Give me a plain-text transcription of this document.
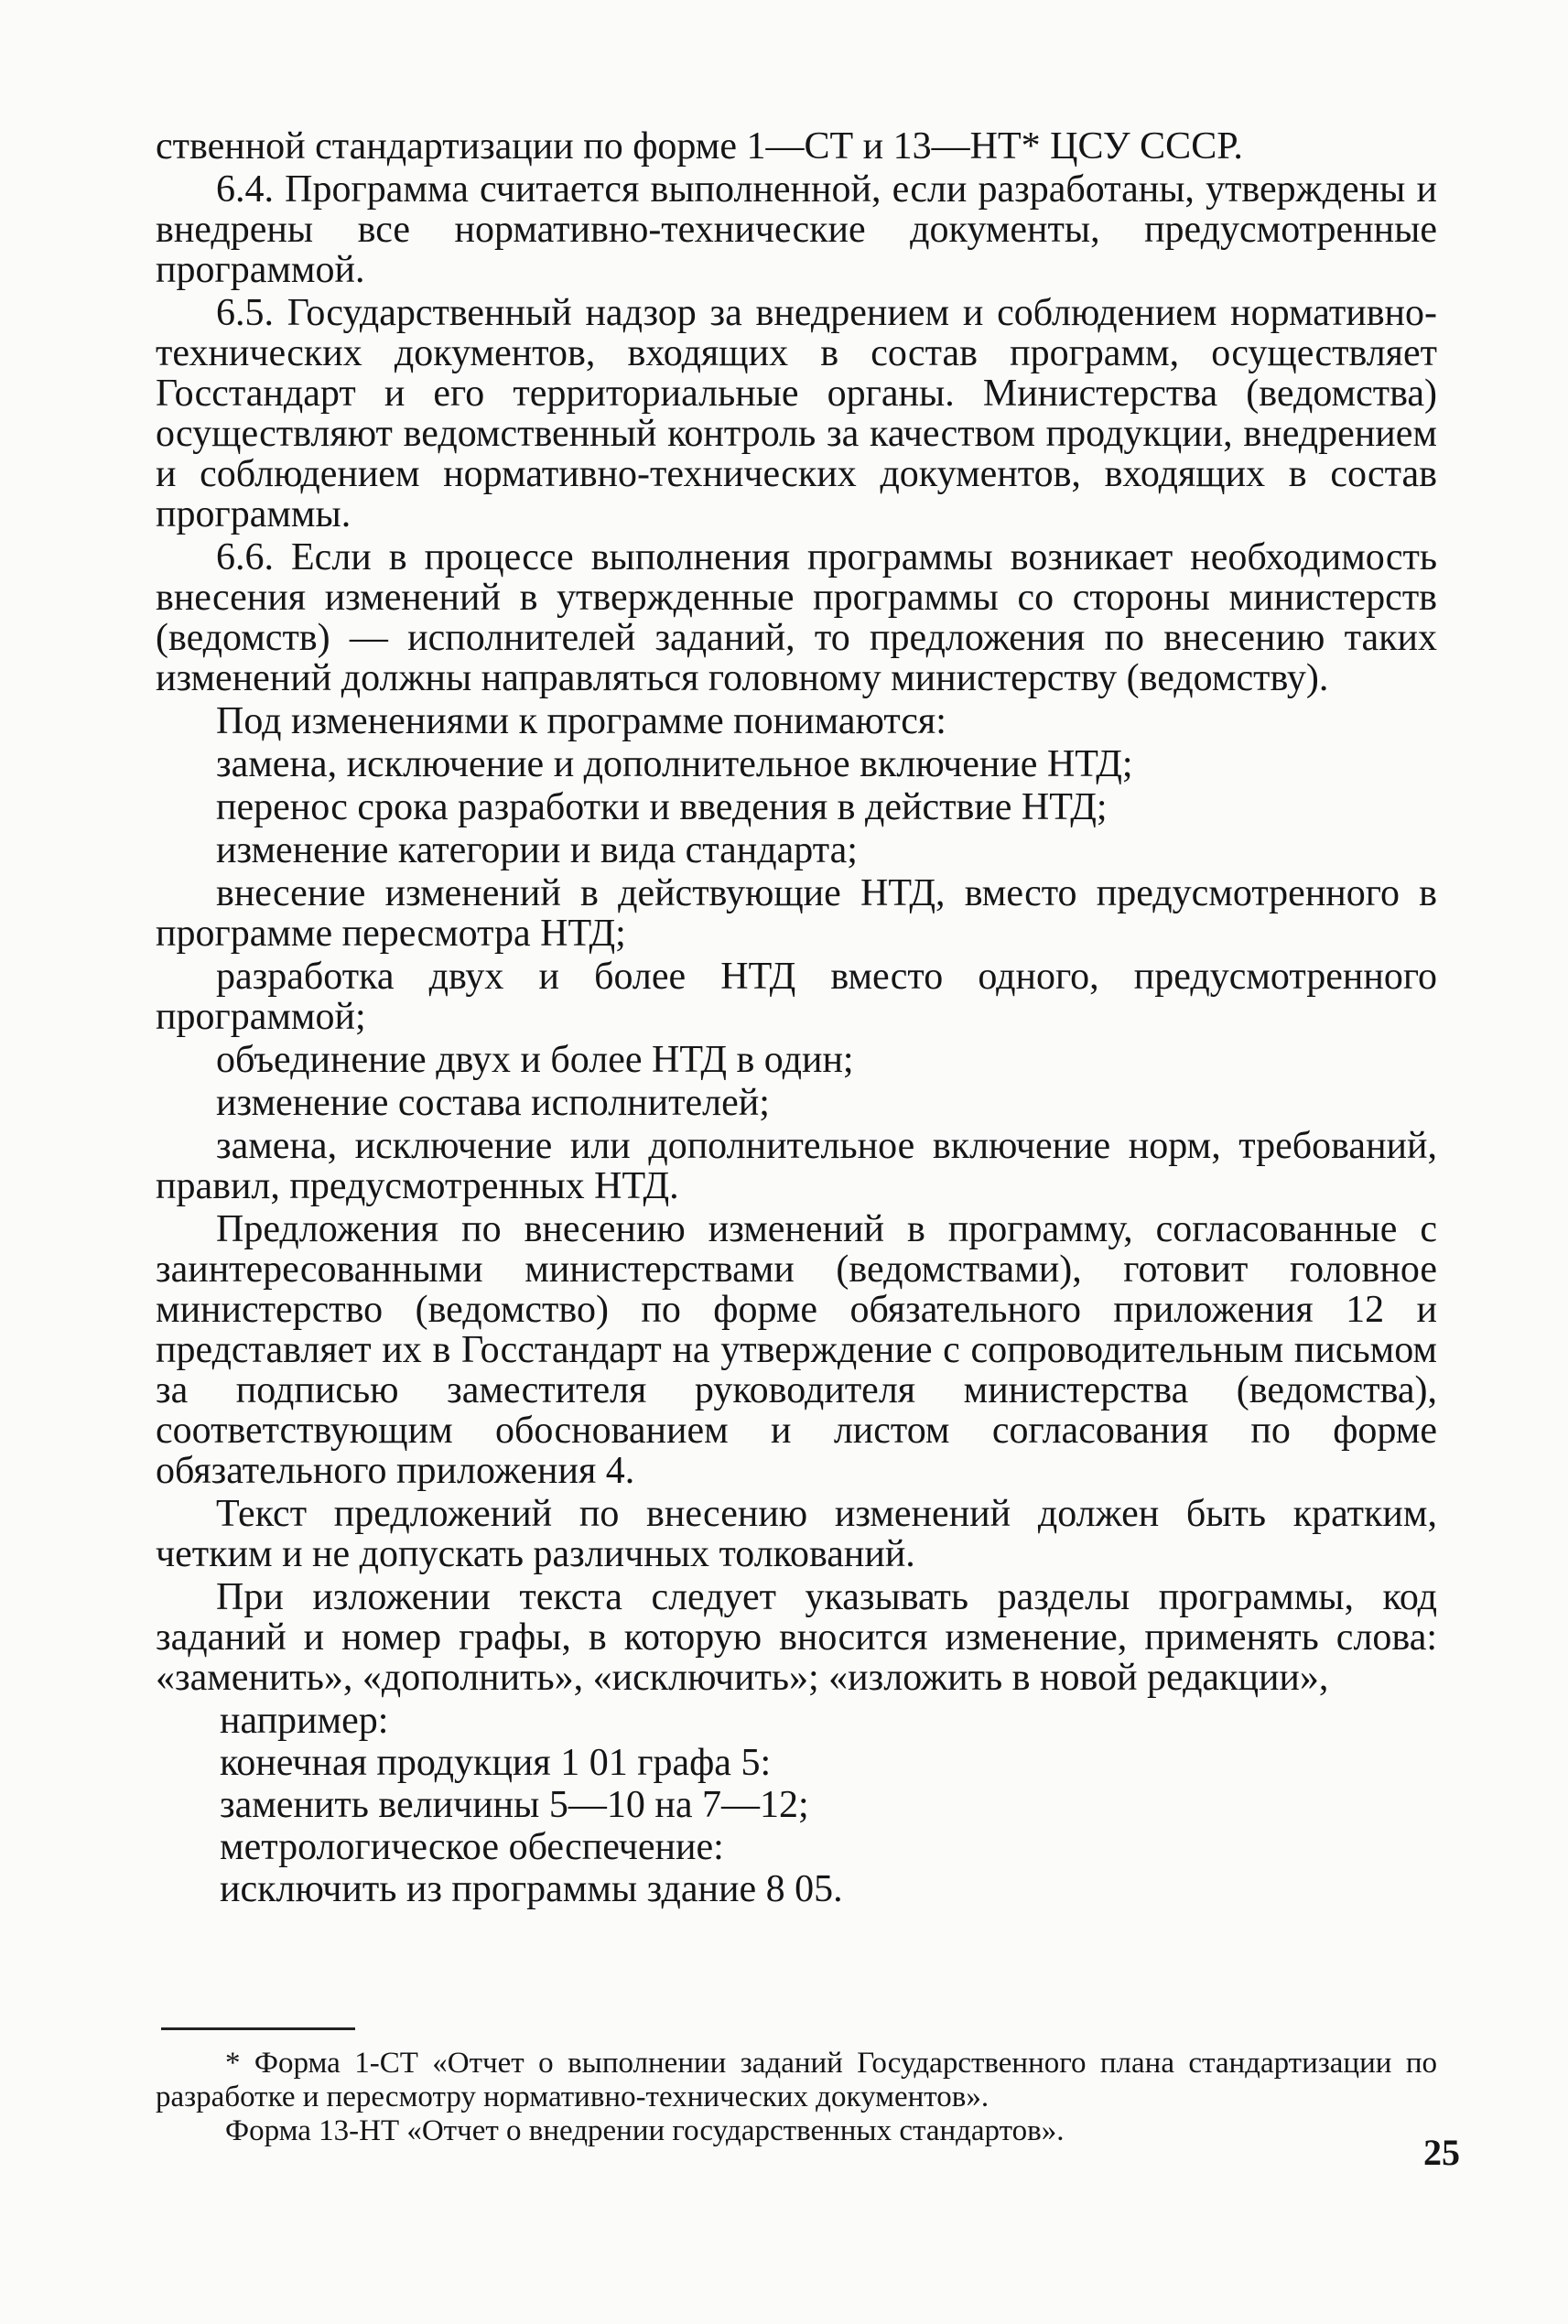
ственной стандартизации по форме 1—СТ и 13—НТ* ЦСУ СССР.

6.4. Программа считается выполненной, если разработаны, утверждены и внедрены все нормативно-технические документы, предусмотренные программой.

6.5. Государственный надзор за внедрением и соблюдением нормативно-технических документов, входящих в состав программ, осуществляет Госстандарт и его территориальные органы. Министерства (ведомства) осуществляют ведомственный контроль за качеством продукции, внедрением и соблюдением нормативно-технических документов, входящих в состав программы.

6.6. Если в процессе выполнения программы возникает необходимость внесения изменений в утвержденные программы со стороны министерств (ведомств) — исполнителей заданий, то предложения по внесению таких изменений должны направляться головному министерству (ведомству).

Под изменениями к программе понимаются:

замена, исключение и дополнительное включение НТД;

перенос срока разработки и введения в действие НТД;

изменение категории и вида стандарта;

внесение изменений в действующие НТД, вместо предусмотренного в программе пересмотра НТД;

разработка двух и более НТД вместо одного, предусмотренного программой;

объединение двух и более НТД в один;

изменение состава исполнителей;

замена, исключение или дополнительное включение норм, требований, правил, предусмотренных НТД.

Предложения по внесению изменений в программу, согласованные с заинтересованными министерствами (ведомствами), готовит головное министерство (ведомство) по форме обязательного приложения 12 и представляет их в Госстандарт на утверждение с сопроводительным письмом за подписью заместителя руководителя министерства (ведомства), соответствующим обоснованием и листом согласования по форме обязательного приложения 4.

Текст предложений по внесению изменений должен быть кратким, четким и не допускать различных толкований.

При изложении текста следует указывать разделы программы, код заданий и номер графы, в которую вносится изменение, применять слова: «заменить», «дополнить», «исключить»; «изложить в новой редакции»,

например:

конечная продукция 1 01 графа 5:

заменить величины 5—10 на 7—12;

метрологическое обеспечение:

исключить из программы здание 8 05.

* Форма 1-СТ «Отчет о выполнении заданий Государственного плана стандартизации по разработке и пересмотру нормативно-технических документов».

Форма 13-НТ «Отчет о внедрении государственных стандартов».

25
